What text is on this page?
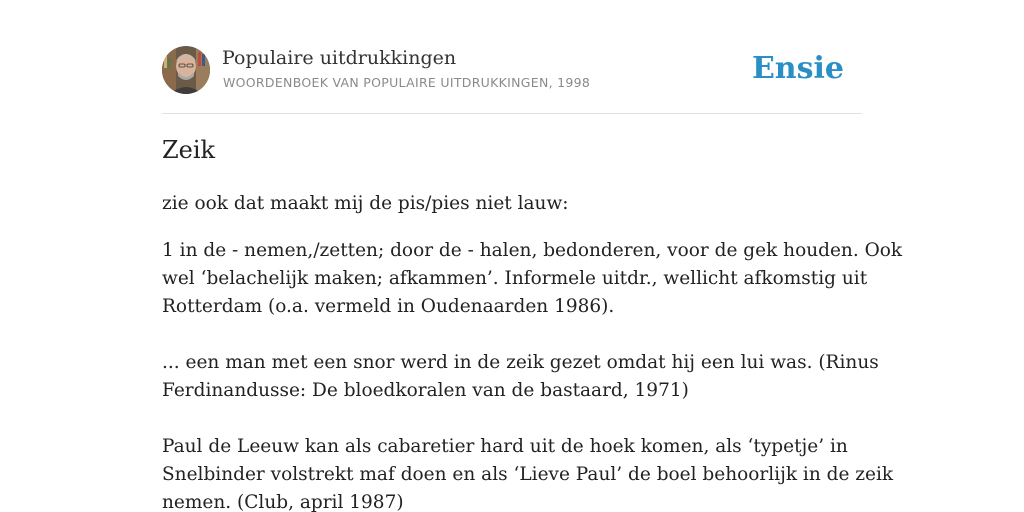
Populaire uitdrukkingen
WOORDENBOEK VAN POPULAIRE UITDRUKKINGEN, 1998	Ensie
Zeik

zie ook dat maakt mij de pis/pies niet lauw:

1 in de - nemen,/zetten; door de - halen, bedonderen, voor de gek houden. Ook
wel ‘belachelijk maken; afkammen’. Informele uitdr., wellicht afkomstig uit
Rotterdam (o.a. vermeld in Oudenaarden 1986).

... een man met een snor werd in de zeik gezet omdat hij een lui was. (Rinus
Ferdinandusse: De bloedkoralen van de bastaard, 1971)

Paul de Leeuw kan als cabaretier hard uit de hoek komen, als ‘typetje’ in
Snelbinder volstrekt maf doen en als ‘Lieve Paul’ de boel behoorlijk in de zeik
nemen. (Club, april 1987)
